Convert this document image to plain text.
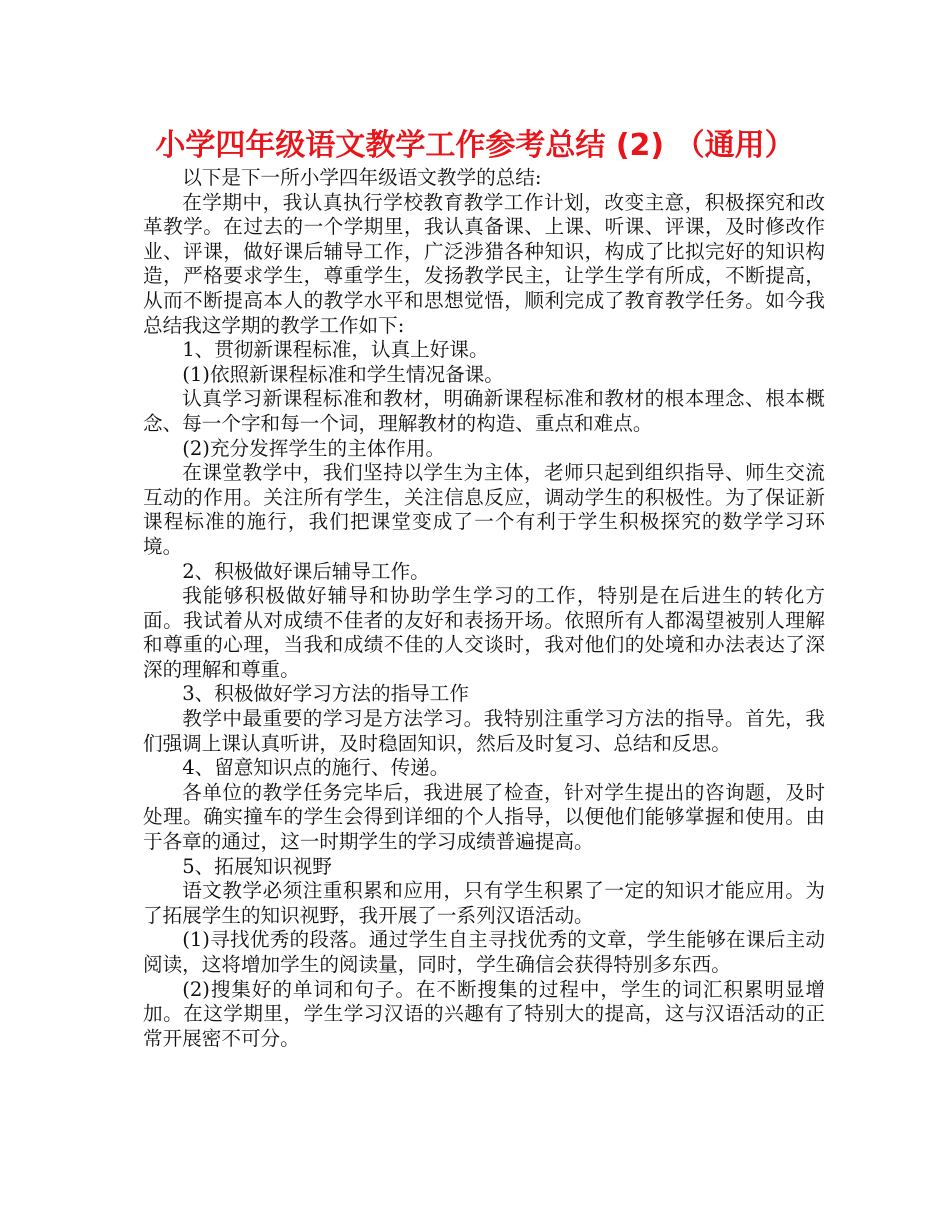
小学四年级语文教学工作参考总结 (2) （通用）

以下是下一所小学四年级语文教学的总结:

在学期中，我认真执行学校教育教学工作计划，改变主意，积极探究和改革教学。在过去的一个学期里，我认真备课、上课、听课、评课，及时修改作业、评课，做好课后辅导工作，广泛涉猎各种知识，构成了比拟完好的知识构造，严格要求学生，尊重学生，发扬教学民主，让学生学有所成，不断提高，从而不断提高本人的教学水平和思想觉悟，顺利完成了教育教学任务。如今我总结我这学期的教学工作如下:

1、贯彻新课程标准，认真上好课。

(1)依照新课程标准和学生情况备课。

认真学习新课程标准和教材，明确新课程标准和教材的根本理念、根本概念、每一个字和每一个词，理解教材的构造、重点和难点。

(2)充分发挥学生的主体作用。

在课堂教学中，我们坚持以学生为主体，老师只起到组织指导、师生交流互动的作用。关注所有学生，关注信息反应，调动学生的积极性。为了保证新课程标准的施行，我们把课堂变成了一个有利于学生积极探究的数学学习环境。

2、积极做好课后辅导工作。

我能够积极做好辅导和协助学生学习的工作，特别是在后进生的转化方面。我试着从对成绩不佳者的友好和表扬开场。依照所有人都渴望被别人理解和尊重的心理，当我和成绩不佳的人交谈时，我对他们的处境和办法表达了深深的理解和尊重。

3、积极做好学习方法的指导工作

教学中最重要的学习是方法学习。我特别注重学习方法的指导。首先，我们强调上课认真听讲，及时稳固知识，然后及时复习、总结和反思。

4、留意知识点的施行、传递。

各单位的教学任务完毕后，我进展了检查，针对学生提出的咨询题，及时处理。确实撞车的学生会得到详细的个人指导，以便他们能够掌握和使用。由于各章的通过，这一时期学生的学习成绩普遍提高。

5、拓展知识视野

语文教学必须注重积累和应用，只有学生积累了一定的知识才能应用。为了拓展学生的知识视野，我开展了一系列汉语活动。

(1)寻找优秀的段落。通过学生自主寻找优秀的文章，学生能够在课后主动阅读，这将增加学生的阅读量，同时，学生确信会获得特别多东西。

(2)搜集好的单词和句子。在不断搜集的过程中，学生的词汇积累明显增加。在这学期里，学生学习汉语的兴趣有了特别大的提高，这与汉语活动的正常开展密不可分。
